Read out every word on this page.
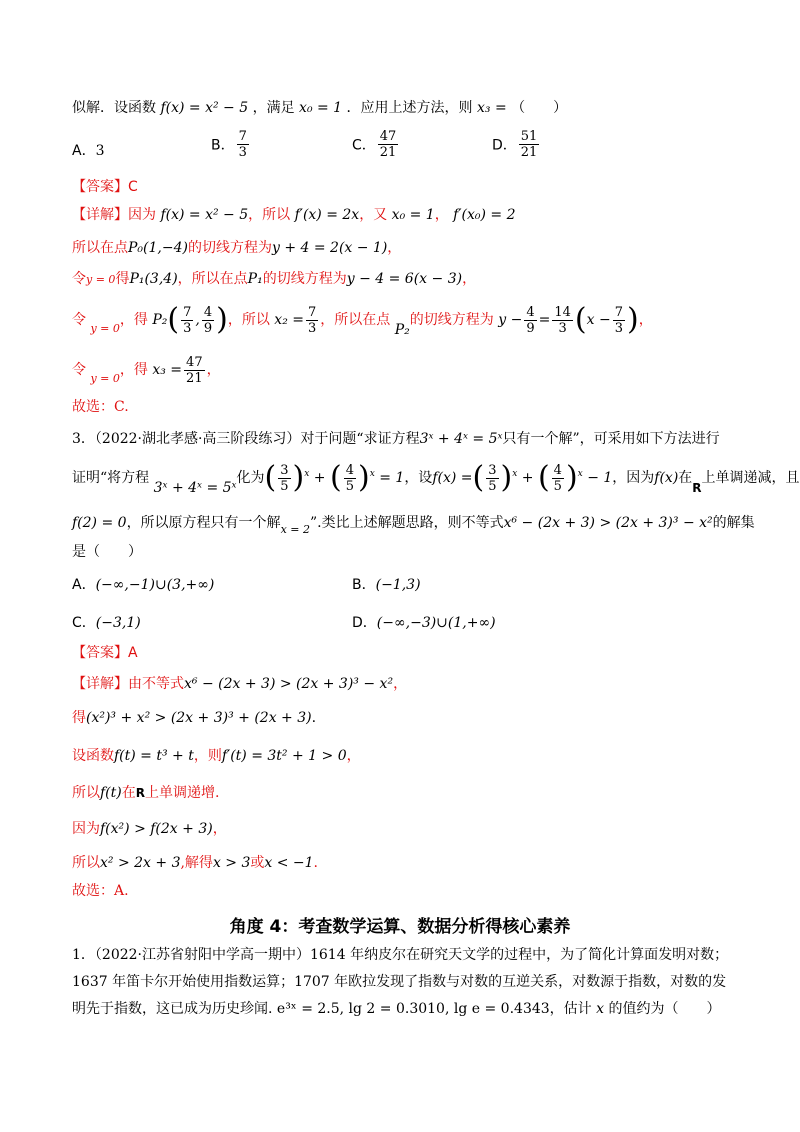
似解．设函数 f(x) = x² − 5 ，满足 x₀ = 1 ．应用上述方法，则 x₃ = （　　）
A．3	B． $\frac{7}{3}$	C． $\frac{47}{21}$	D． $\frac{51}{21}$
【答案】C
【详解】因为 f(x) = x² − 5，所以 f′(x) = 2x，又 x₀ = 1， f′(x₀) = 2
所以在点P₀(1,−4)的切线方程为y + 4 = 2(x − 1)，
令y = 0得P₁(3,4)，所以在点P₁的切线方程为y − 4 = 6(x − 3)，
令 $_{y = 0}$，得 $P_2( \frac{7}{3}$ , $\frac{4}{9}$ )，所以 $x_2 = \frac{7}{3}$ ，所以在点 P₂的切线方程为 $y - \frac{4}{9} = \frac{14}{3} (x - \frac{7}{3}$ )，
令 $_{y = 0}$，得 $x_3 = \frac{47}{21}$ ，
故选：C.
3．（2022·湖北孝感·高三阶段练习）对于问题“求证方程3ˣ + 4ˣ = 5ˣ只有一个解”，可采用如下方法进行
证明“将方程 3ˣ + 4ˣ = 5ˣ化为( $\frac{3}{5} )^x$ + ( $\frac{4}{5} )^x = 1$，设f(x) =( $\frac{3}{5} )^x$ + ( $\frac{4}{5} )^x - 1$，因为f(x)在R上单调递减，且
f(2) = 0，所以原方程只有一个解$_{x = 2}$”.类比上述解题思路，则不等式x⁶ − (2x + 3) > (2x + 3)³ − x²的解集
是（　　）
A．(−∞,−1)∪(3,+∞)	B．(−1,3)
C．(−3,1)	D．(−∞,−3)∪(1,+∞)
【答案】A
【详解】由不等式x⁶ − (2x + 3) > (2x + 3)³ − x²，
得(x²)³ + x² > (2x + 3)³ + (2x + 3).
设函数f(t) = t³ + t，则f′(t) = 3t² + 1 > 0，
所以f(t)在R上单调递增.
因为f(x²) > f(2x + 3)，
所以x² > 2x + 3,解得x > 3或x < −1.
故选：A.
角度 4：考查数学运算、数据分析得核心素养
1．（2022·江苏省射阳中学高一期中）1614 年纳皮尔在研究天文学的过程中，为了简化计算面发明对数；
1637 年笛卡尔开始使用指数运算；1707 年欧拉发现了指数与对数的互逆关系，对数源于指数，对数的发
明先于指数，这已成为历史珍闻. e³ˣ = 2.5, lg 2 = 0.3010, lg e = 0.4343，估计 x 的值约为（　　）
